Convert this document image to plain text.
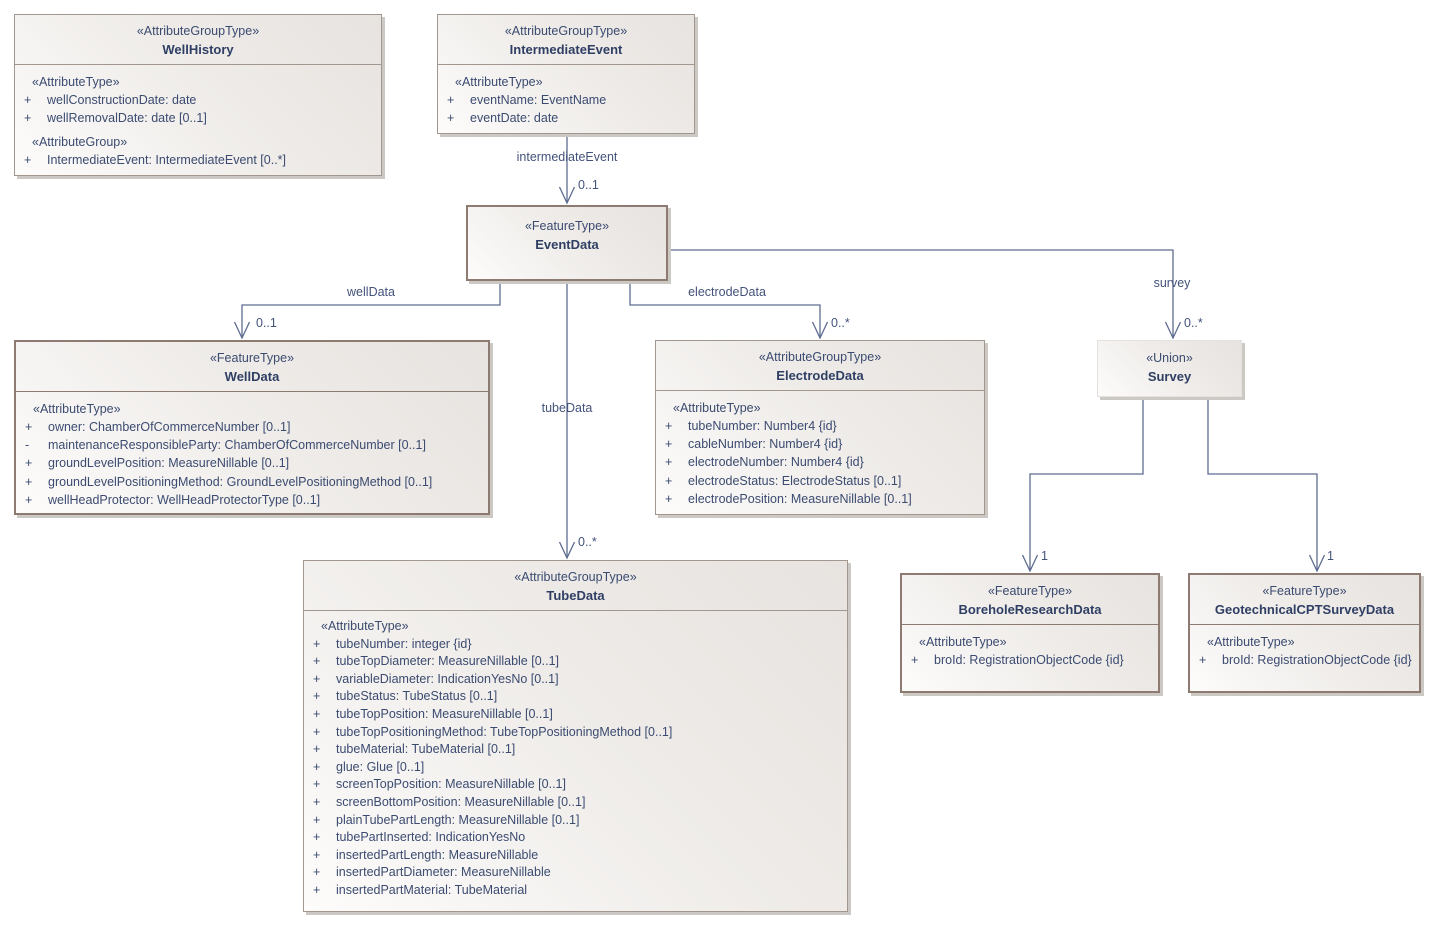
intermediateEvent
0..1
wellData
0..1
tubeData
0..*
electrodeData
0..*
survey
0..*
1	1
«AttributeGroupType»
WellHistory
«AttributeType»
+	wellConstructionDate: date
+	wellRemovalDate: date [0..1]
«AttributeGroup»
+	IntermediateEvent: IntermediateEvent [0..*]
«AttributeGroupType»
IntermediateEvent
«AttributeType»
+	eventName: EventName
+	eventDate: date
«FeatureType»
EventData
«FeatureType»
WellData
«AttributeType»
+	owner: ChamberOfCommerceNumber [0..1]
-	maintenanceResponsibleParty: ChamberOfCommerceNumber [0..1]
+	groundLevelPosition: MeasureNillable [0..1]
+	groundLevelPositioningMethod: GroundLevelPositioningMethod [0..1]
+	wellHeadProtector: WellHeadProtectorType [0..1]
«AttributeGroupType»
ElectrodeData
«AttributeType»
+	tubeNumber: Number4 {id}
+	cableNumber: Number4 {id}
+	electrodeNumber: Number4 {id}
+	electrodeStatus: ElectrodeStatus [0..1]
+	electrodePosition: MeasureNillable [0..1]
«Union»
Survey
«AttributeGroupType»
TubeData
«AttributeType»
+	tubeNumber: integer {id}
+	tubeTopDiameter: MeasureNillable [0..1]
+	variableDiameter: IndicationYesNo [0..1]
+	tubeStatus: TubeStatus [0..1]
+	tubeTopPosition: MeasureNillable [0..1]
+	tubeTopPositioningMethod: TubeTopPositioningMethod [0..1]
+	tubeMaterial: TubeMaterial [0..1]
+	glue: Glue [0..1]
+	screenTopPosition: MeasureNillable [0..1]
+	screenBottomPosition: MeasureNillable [0..1]
+	plainTubePartLength: MeasureNillable [0..1]
+	tubePartInserted: IndicationYesNo
+	insertedPartLength: MeasureNillable
+	insertedPartDiameter: MeasureNillable
+	insertedPartMaterial: TubeMaterial
«FeatureType»
BoreholeResearchData
«AttributeType»
+	broId: RegistrationObjectCode {id}
«FeatureType»
GeotechnicalCPTSurveyData
«AttributeType»
+	broId: RegistrationObjectCode {id}
